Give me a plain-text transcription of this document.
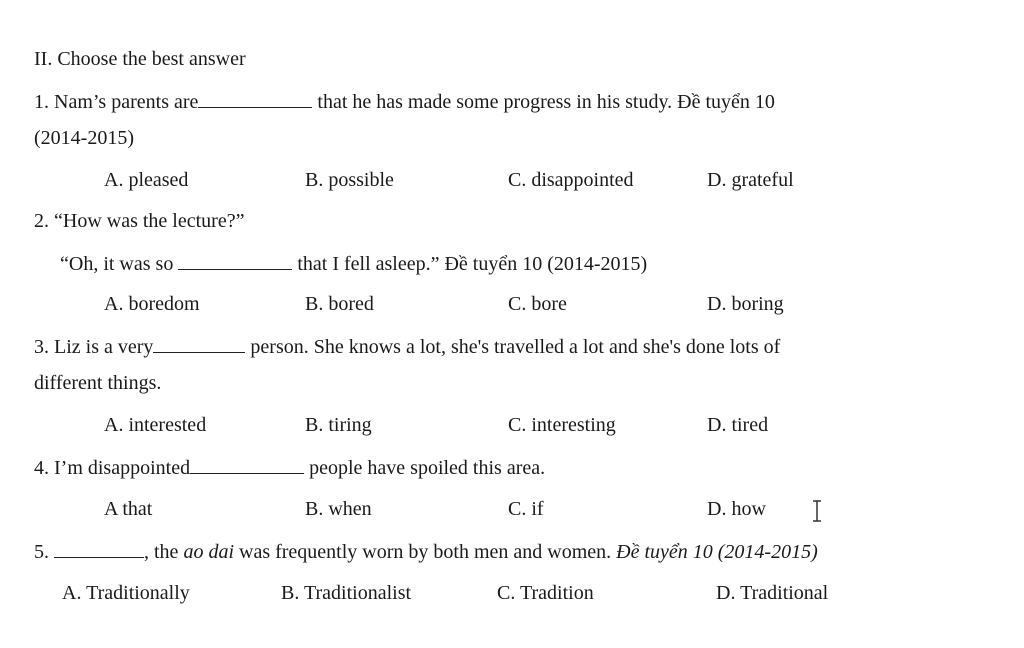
II. Choose the best answer
1. Nam’s parents are	that he has made some progress in his study. Đề tuyển 10
(2014-2015)
A. pleased	B. possible	C. disappointed	D. grateful
2. “How was the lecture?”
“Oh, it was so	that I fell asleep.” Đề tuyển 10 (2014-2015)
A. boredom	B. bored	C. bore	D. boring
3. Liz is a very	person. She knows a lot, she's travelled a lot and she's done lots of
different things.
A. interested	B. tiring	C. interesting	D. tired
4. I’m disappointed	people have spoiled this area.
A that	B. when	C. if	D. how
5.	, the ao dai was frequently worn by both men and women. Đề tuyển 10 (2014-2015)
A. Traditionally	B. Traditionalist	C. Tradition	D. Traditional
